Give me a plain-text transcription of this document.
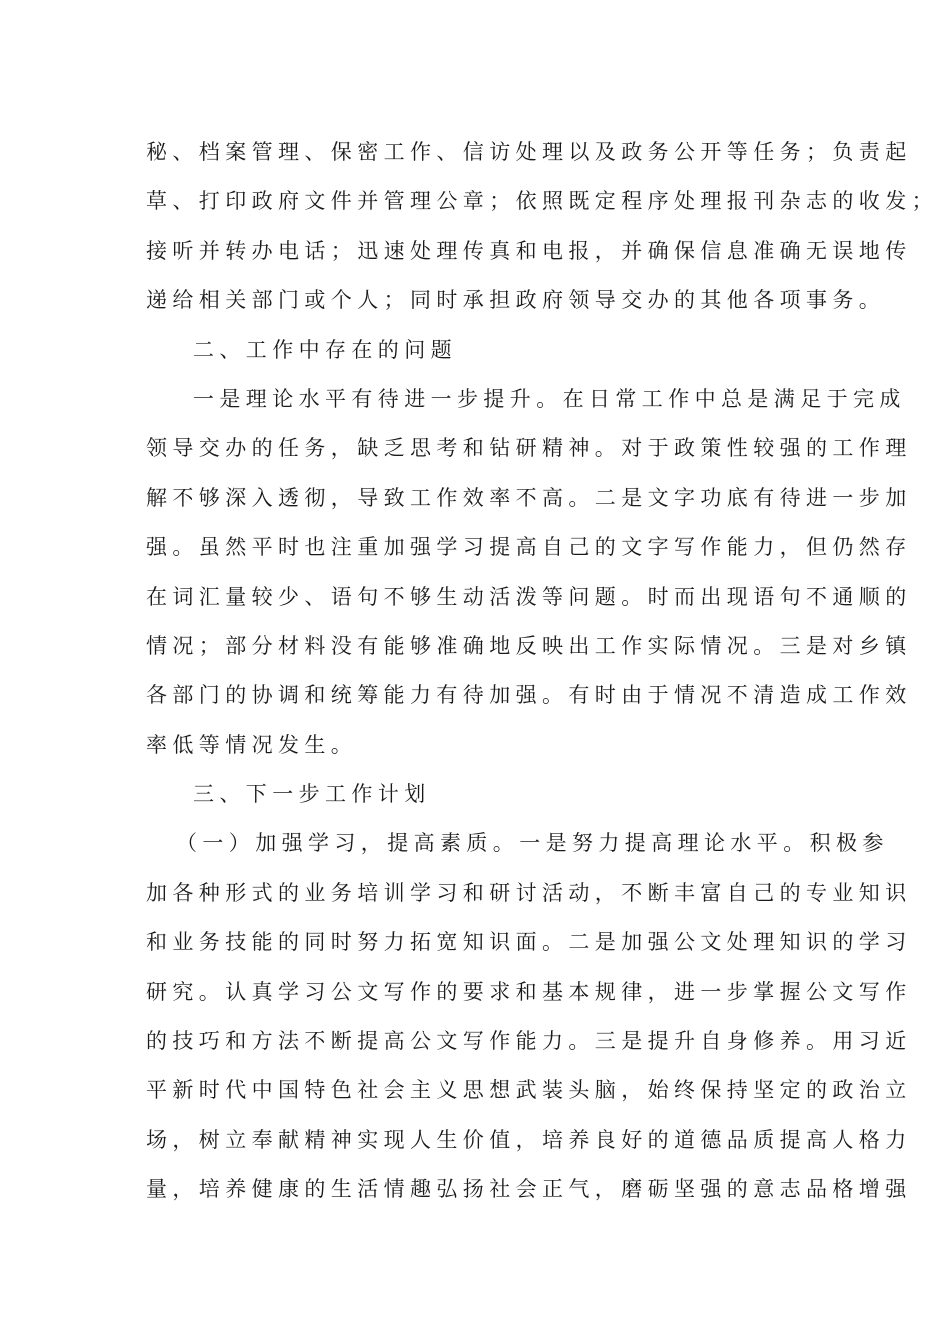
秘、档案管理、保密工作、信访处理以及政务公开等任务；负责起
草、打印政府文件并管理公章；依照既定程序处理报刊杂志的收发；
接听并转办电话；迅速处理传真和电报，并确保信息准确无误地传
递给相关部门或个人；同时承担政府领导交办的其他各项事务。
二、工作中存在的问题
一是理论水平有待进一步提升。在日常工作中总是满足于完成
领导交办的任务，缺乏思考和钻研精神。对于政策性较强的工作理
解不够深入透彻，导致工作效率不高。二是文字功底有待进一步加
强。虽然平时也注重加强学习提高自己的文字写作能力，但仍然存
在词汇量较少、语句不够生动活泼等问题。时而出现语句不通顺的
情况；部分材料没有能够准确地反映出工作实际情况。三是对乡镇
各部门的协调和统筹能力有待加强。有时由于情况不清造成工作效
率低等情况发生。
三、下一步工作计划
（一）加强学习，提高素质。一是努力提高理论水平。积极参
加各种形式的业务培训学习和研讨活动，不断丰富自己的专业知识
和业务技能的同时努力拓宽知识面。二是加强公文处理知识的学习
研究。认真学习公文写作的要求和基本规律，进一步掌握公文写作
的技巧和方法不断提高公文写作能力。三是提升自身修养。用习近
平新时代中国特色社会主义思想武装头脑，始终保持坚定的政治立
场，树立奉献精神实现人生价值，培养良好的道德品质提高人格力
量，培养健康的生活情趣弘扬社会正气，磨砺坚强的意志品格增强
